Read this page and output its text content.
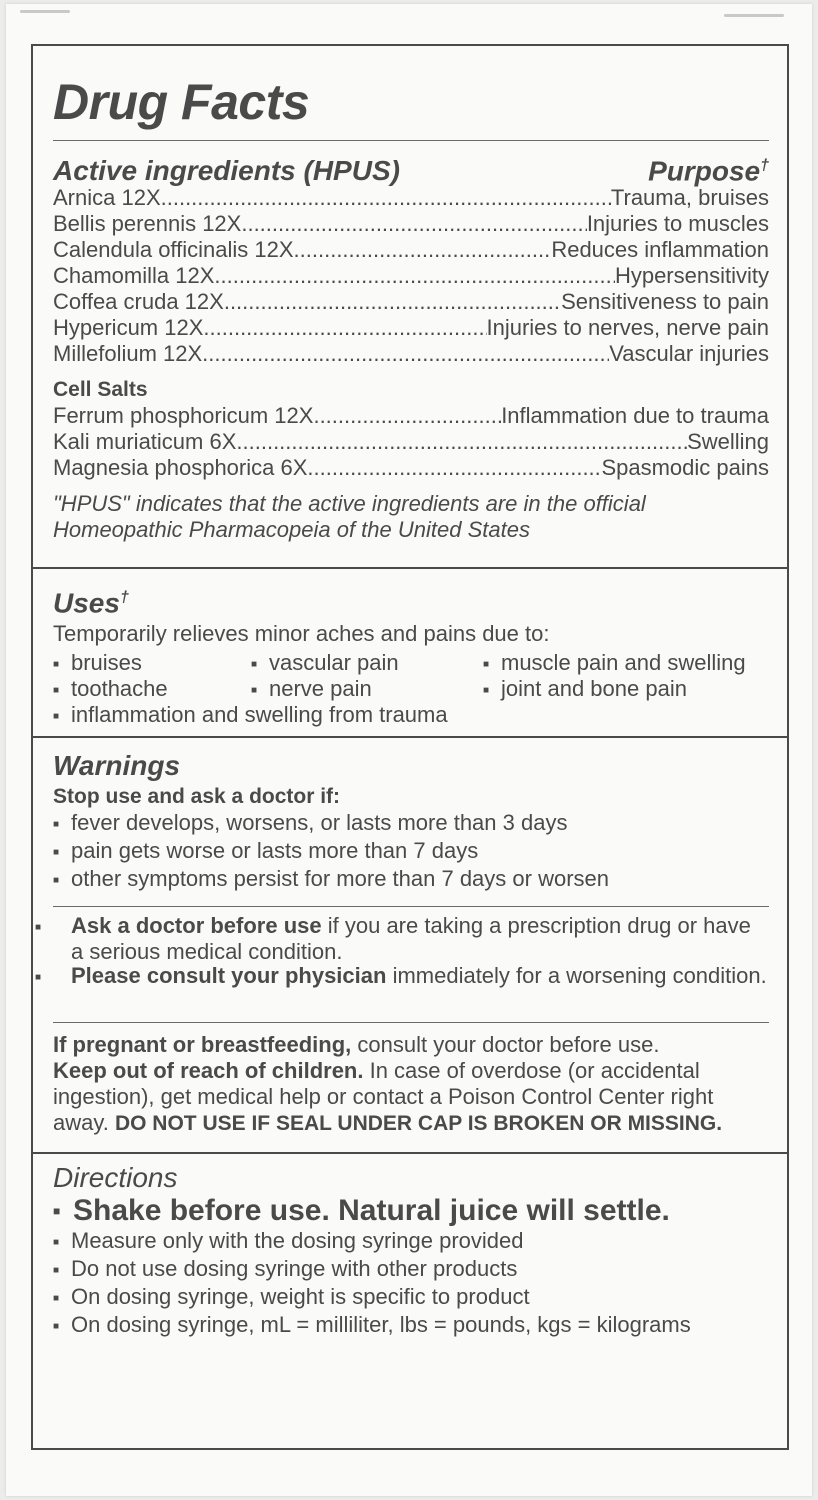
Drug Facts
Active ingredients (HPUS)	Purpose†
Arnica 12X .....	Trauma, bruises
Bellis perennis 12X .....	Injuries to muscles
Calendula officinalis 12X .....	Reduces inflammation
Chamomilla 12X .....	Hypersensitivity
Coffea cruda 12X .....	Sensitiveness to pain
Hypericum 12X .....	Injuries to nerves, nerve pain
Millefolium 12X .....	Vascular injuries
Cell Salts
Ferrum phosphoricum 12X .....	Inflammation due to trauma
Kali muriaticum 6X .....	Swelling
Magnesia phosphorica 6X .....	Spasmodic pains
"HPUS" indicates that the active ingredients are in the official Homeopathic Pharmacopeia of the United States
Uses†
Temporarily relieves minor aches and pains due to:
■ bruises	■ vascular pain	■ muscle pain and swelling
■ toothache	■ nerve pain	■ joint and bone pain
■ inflammation and swelling from trauma
Warnings
Stop use and ask a doctor if:
■ fever develops, worsens, or lasts more than 3 days
■ pain gets worse or lasts more than 7 days
■ other symptoms persist for more than 7 days or worsen
■ Ask a doctor before use if you are taking a prescription drug or have a serious medical condition.
■ Please consult your physician immediately for a worsening condition.
If pregnant or breastfeeding, consult your doctor before use.
Keep out of reach of children. In case of overdose (or accidental ingestion), get medical help or contact a Poison Control Center right away. DO NOT USE IF SEAL UNDER CAP IS BROKEN OR MISSING.
Directions
■ Shake before use. Natural juice will settle.
■ Measure only with the dosing syringe provided
■ Do not use dosing syringe with other products
■ On dosing syringe, weight is specific to product
■ On dosing syringe, mL = milliliter, lbs = pounds, kgs = kilograms
